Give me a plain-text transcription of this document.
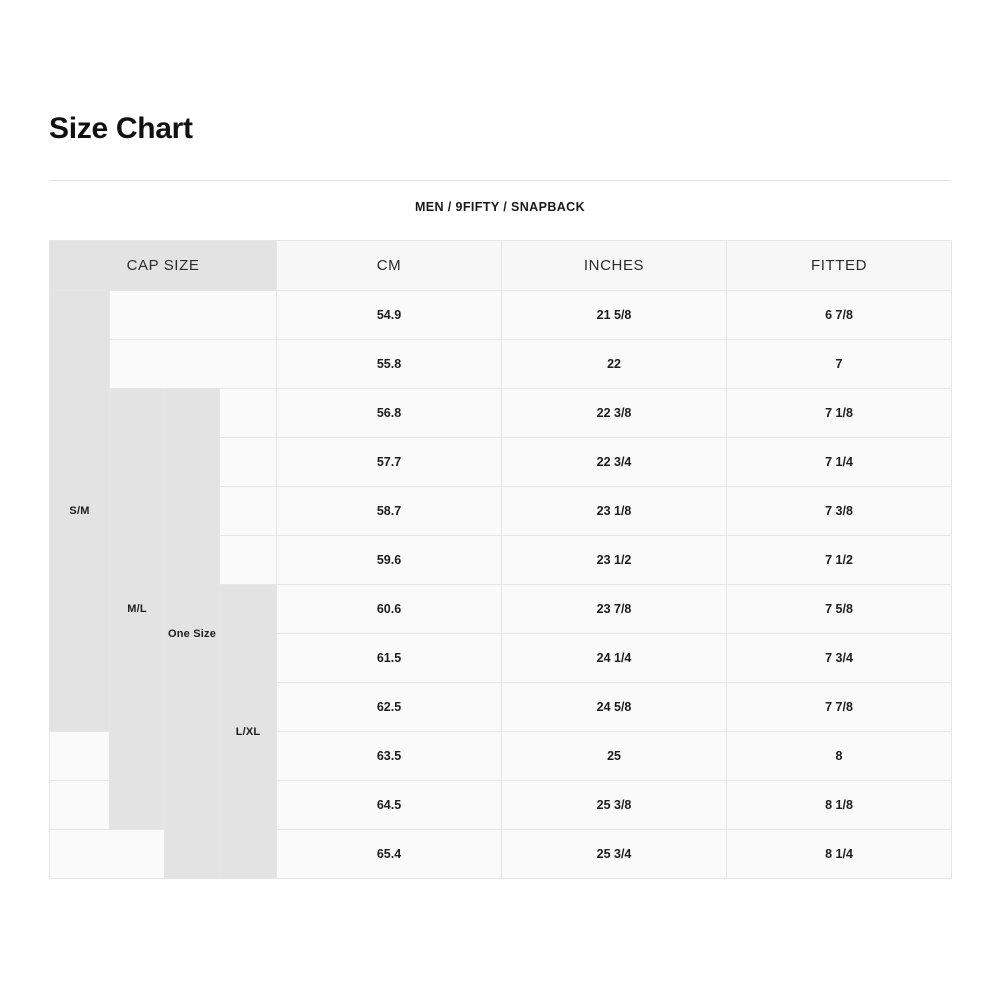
Size Chart
MEN / 9FIFTY / SNAPBACK
CAP SIZE				CM	INCHES	FITTED
S/M				54.9	21 5/8	6 7/8
				55.8	22	7
	M/L	One Size		56.8	22 3/8	7 1/8
				57.7	22 3/4	7 1/4
				58.7	23 1/8	7 3/8
				59.6	23 1/2	7 1/2
			L/XL	60.6	23 7/8	7 5/8
				61.5	24 1/4	7 3/4
				62.5	24 5/8	7 7/8
				63.5	25	8
				64.5	25 3/8	8 1/8
				65.4	25 3/4	8 1/4
